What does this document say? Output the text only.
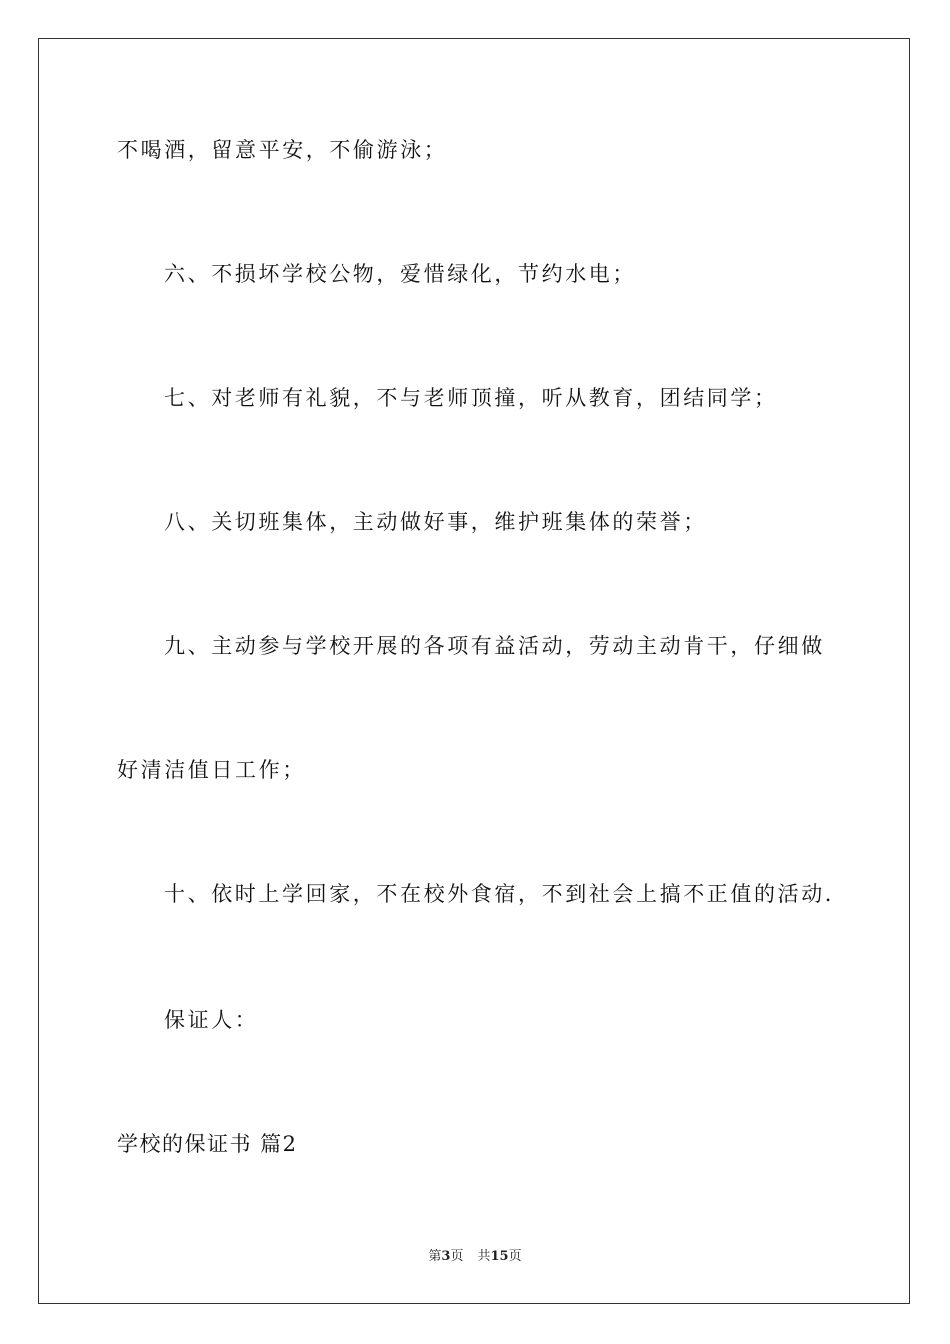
不喝酒，留意平安，不偷游泳；
六、不损坏学校公物，爱惜绿化，节约水电；
七、对老师有礼貌，不与老师顶撞，听从教育，团结同学；
八、关切班集体，主动做好事，维护班集体的荣誉；
九、主动参与学校开展的各项有益活动，劳动主动肯干，仔细做
好清洁值日工作；
十、依时上学回家，不在校外食宿，不到社会上搞不正值的活动.
保证人：
学校的保证书 篇2
第3页 共15页
